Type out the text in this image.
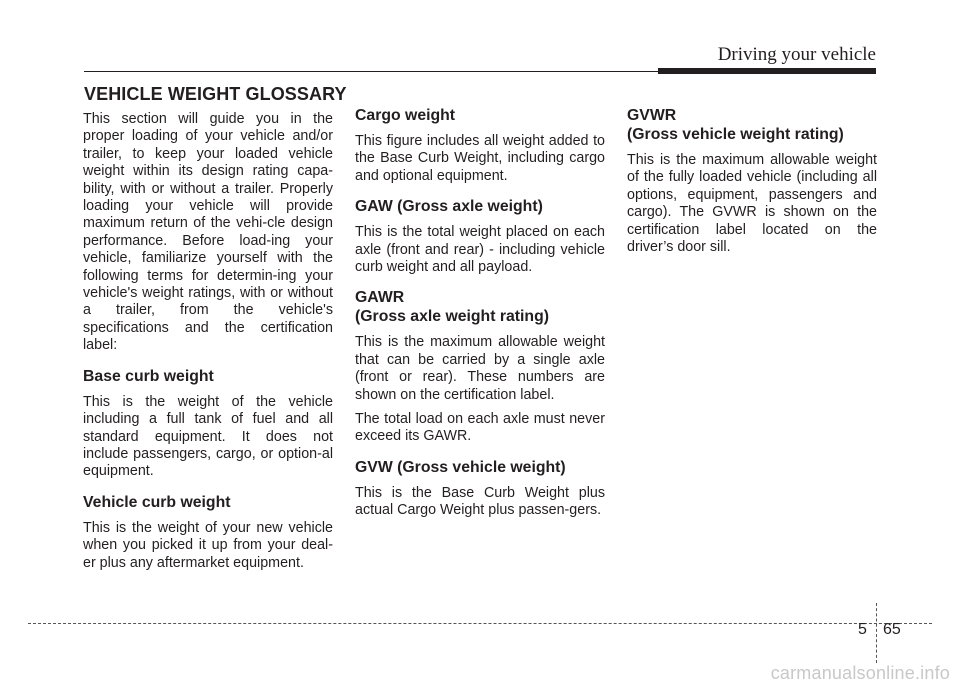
Driving your vehicle
VEHICLE WEIGHT GLOSSARY

This section will guide you in the proper loading of your vehicle and/or trailer, to keep your loaded vehicle weight within its design rating capa-bility, with or without a trailer. Properly loading your vehicle will provide maximum return of the vehi-cle design performance. Before load-ing your vehicle, familiarize yourself with the following terms for determin-ing your vehicle's weight ratings, with or without a trailer, from the vehicle's specifications and the certification label:

Base curb weight

This is the weight of the vehicle including a full tank of fuel and all standard equipment. It does not include passengers, cargo, or option-al equipment.

Vehicle curb weight

This is the weight of your new vehicle when you picked it up from your deal-er plus any aftermarket equipment.

Cargo weight

This figure includes all weight added to the Base Curb Weight, including cargo and optional equipment.

GAW (Gross axle weight)

This is the total weight placed on each axle (front and rear) - including vehicle curb weight and all payload.

GAWR
(Gross axle weight rating)

This is the maximum allowable weight that can be carried by a single axle (front or rear). These numbers are shown on the certification label.

The total load on each axle must never exceed its GAWR.

GVW (Gross vehicle weight)

This is the Base Curb Weight plus actual Cargo Weight plus passen-gers.

GVWR
(Gross vehicle weight rating)

This is the maximum allowable weight of the fully loaded vehicle (including all options, equipment, passengers and cargo). The GVWR is shown on the certification label located on the driver’s door sill.

5 65
carmanualsonline.info
